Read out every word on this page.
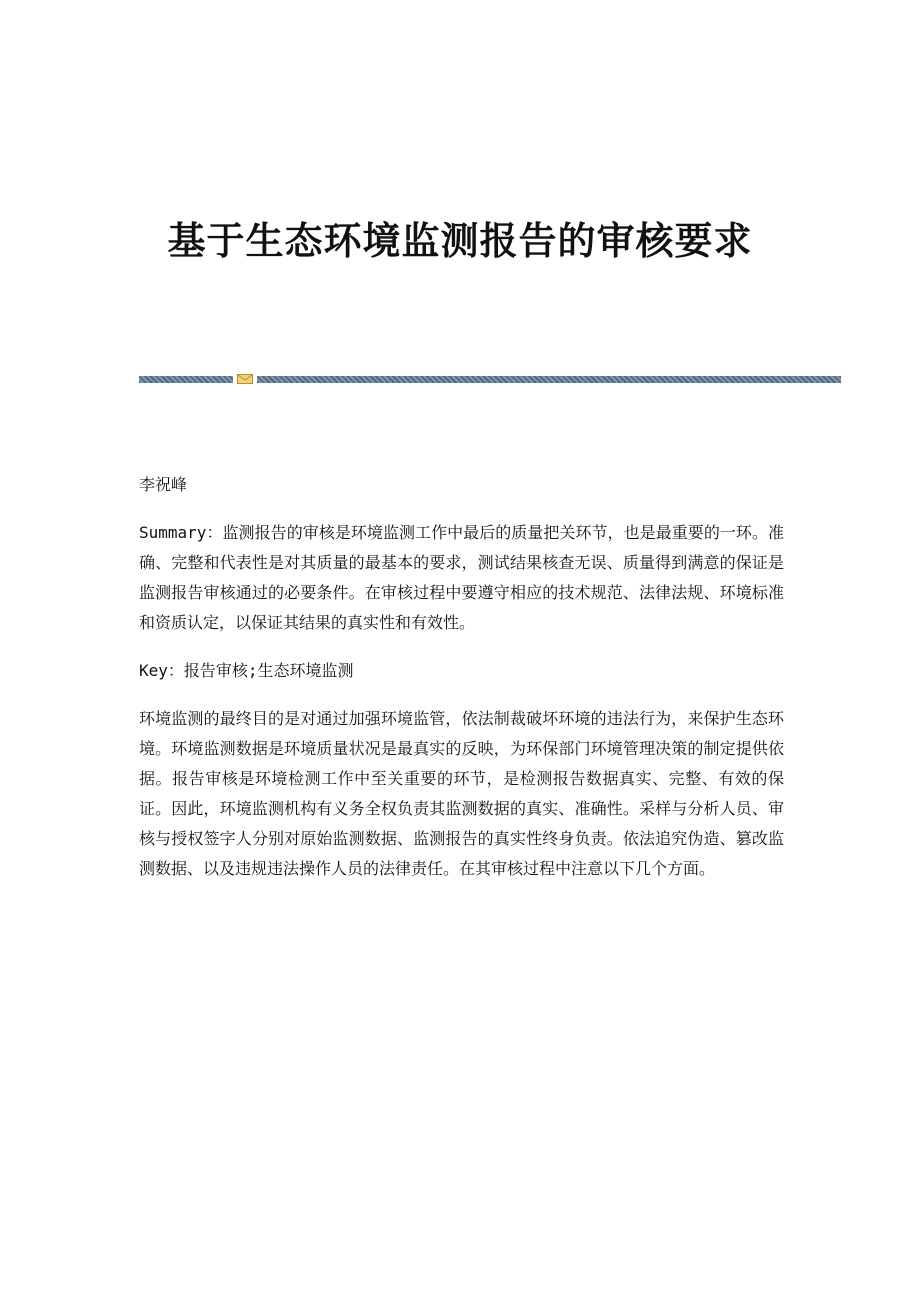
基于生态环境监测报告的审核要求

李祝峰

Summary：监测报告的审核是环境监测工作中最后的质量把关环节，也是最重要的一环。准确、完整和代表性是对其质量的最基本的要求，测试结果核查无误、质量得到满意的保证是监测报告审核通过的必要条件。在审核过程中要遵守相应的技术规范、法律法规、环境标准和资质认定，以保证其结果的真实性和有效性。

Key：报告审核;生态环境监测

环境监测的最终目的是对通过加强环境监管，依法制裁破坏环境的违法行为，来保护生态环境。环境监测数据是环境质量状况是最真实的反映，为环保部门环境管理决策的制定提供依据。报告审核是环境检测工作中至关重要的环节，是检测报告数据真实、完整、有效的保证。因此，环境监测机构有义务全权负责其监测数据的真实、准确性。采样与分析人员、审核与授权签字人分别对原始监测数据、监测报告的真实性终身负责。依法追究伪造、篡改监测数据、以及违规违法操作人员的法律责任。在其审核过程中注意以下几个方面。
